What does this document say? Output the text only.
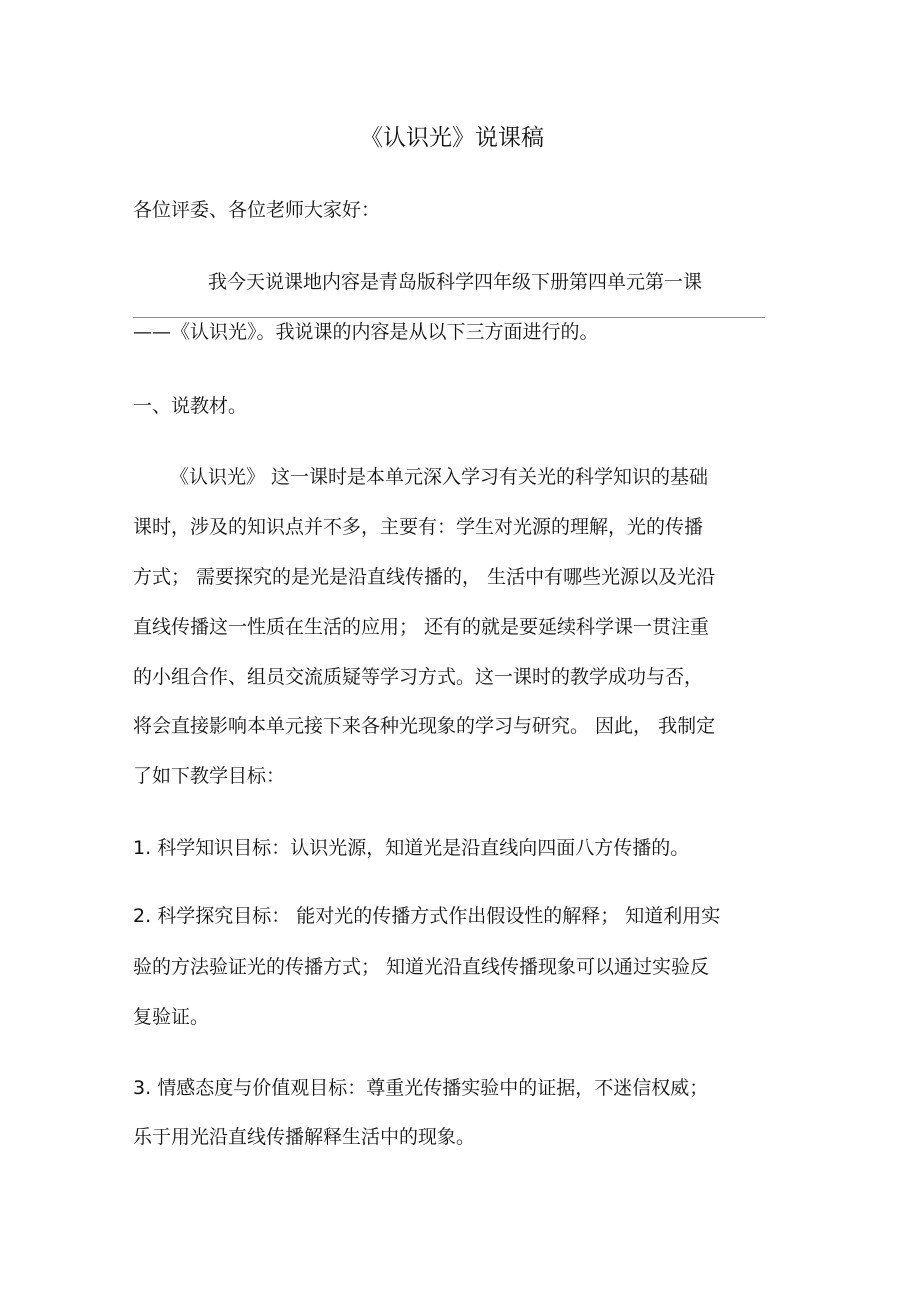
《认识光》说课稿
各位评委、各位老师大家好：
我今天说课地内容是青岛版科学四年级下册第四单元第一课
——《认识光》。我说课的内容是从以下三方面进行的。
一、说教材。
《认识光》 这一课时是本单元深入学习有关光的科学知识的基础
课时，涉及的知识点并不多，主要有：学生对光源的理解，光的传播
方式； 需要探究的是光是沿直线传播的， 生活中有哪些光源以及光沿
直线传播这一性质在生活的应用； 还有的就是要延续科学课一贯注重
的小组合作、组员交流质疑等学习方式。这一课时的教学成功与否，
将会直接影响本单元接下来各种光现象的学习与研究。 因此， 我制定
了如下教学目标：
1. 科学知识目标：认识光源，知道光是沿直线向四面八方传播的。
2. 科学探究目标： 能对光的传播方式作出假设性的解释； 知道利用实
验的方法验证光的传播方式； 知道光沿直线传播现象可以通过实验反
复验证。
3. 情感态度与价值观目标：尊重光传播实验中的证据，不迷信权威；
乐于用光沿直线传播解释生活中的现象。
